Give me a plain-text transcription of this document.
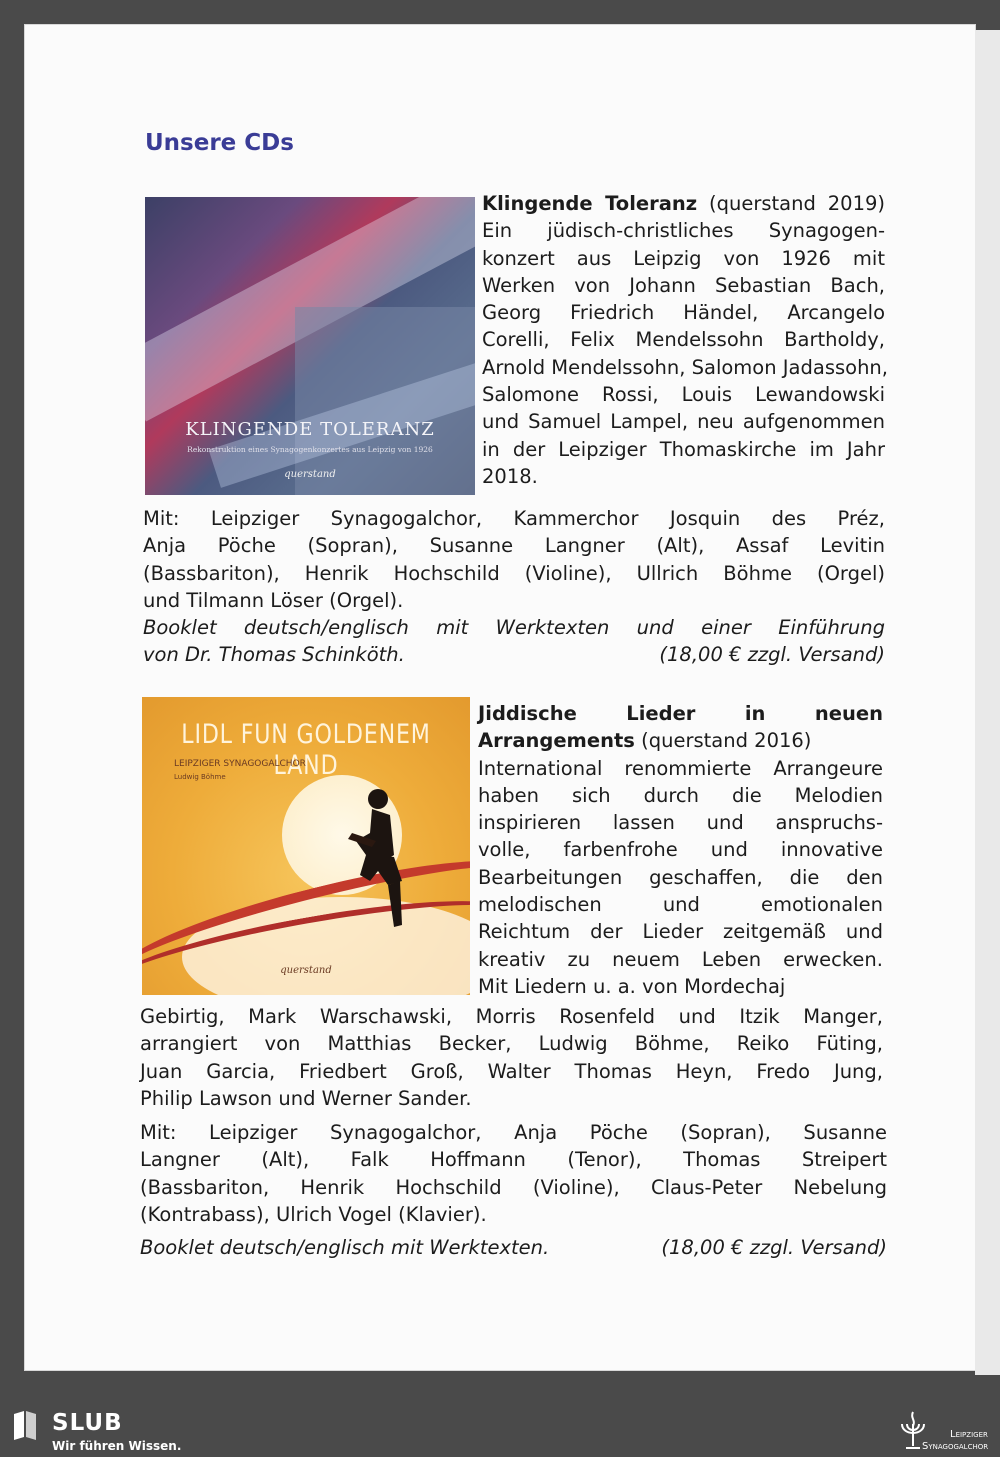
Unsere CDs
KLINGENDE TOLERANZ
Rekonstruktion eines Synagogenkonzertes aus Leipzig von 1926
querstand
Klingende Toleranz (querstand 2019)
Ein jüdisch-christliches Synagogen-
konzert aus Leipzig von 1926 mit
Werken von Johann Sebastian Bach,
Georg Friedrich Händel, Arcangelo
Corelli, Felix Mendelssohn Bartholdy,
Arnold Mendelssohn, Salomon Jadassohn,
Salomone Rossi, Louis Lewandowski
und Samuel Lampel, neu aufgenommen
in der Leipziger Thomaskirche im Jahr
2018.
Mit: Leipziger Synagogalchor, Kammerchor Josquin des Préz,
Anja Pöche (Sopran), Susanne Langner (Alt), Assaf Levitin
(Bassbariton), Henrik Hochschild (Violine), Ullrich Böhme (Orgel)
und Tilmann Löser (Orgel).
Booklet deutsch/englisch mit Werktexten und einer Einführung
von Dr. Thomas Schinköth.	(18,00 € zzgl. Versand)
LIDL FUN GOLDENEM LAND
LEIPZIGER SYNAGOGALCHOR
Ludwig Böhme
querstand
Jiddische Lieder in neuen
Arrangements (querstand 2016)
International renommierte Arrangeure
haben sich durch die Melodien
inspirieren lassen und anspruchs-
volle, farbenfrohe und innovative
Bearbeitungen geschaffen, die den
melodischen und emotionalen
Reichtum der Lieder zeitgemäß und
kreativ zu neuem Leben erwecken.
Mit Liedern u. a. von Mordechaj
Gebirtig, Mark Warschawski, Morris Rosenfeld und Itzik Manger,
arrangiert von Matthias Becker, Ludwig Böhme, Reiko Füting,
Juan Garcia, Friedbert Groß, Walter Thomas Heyn, Fredo Jung,
Philip Lawson und Werner Sander.
Mit: Leipziger Synagogalchor, Anja Pöche (Sopran), Susanne
Langner (Alt), Falk Hoffmann (Tenor), Thomas Streipert
(Bassbariton, Henrik Hochschild (Violine), Claus-Peter Nebelung
(Kontrabass), Ulrich Vogel (Klavier).
Booklet deutsch/englisch mit Werktexten.	(18,00 € zzgl. Versand)
SLUB
Wir führen Wissen.
Leipziger
Synagogalchor
